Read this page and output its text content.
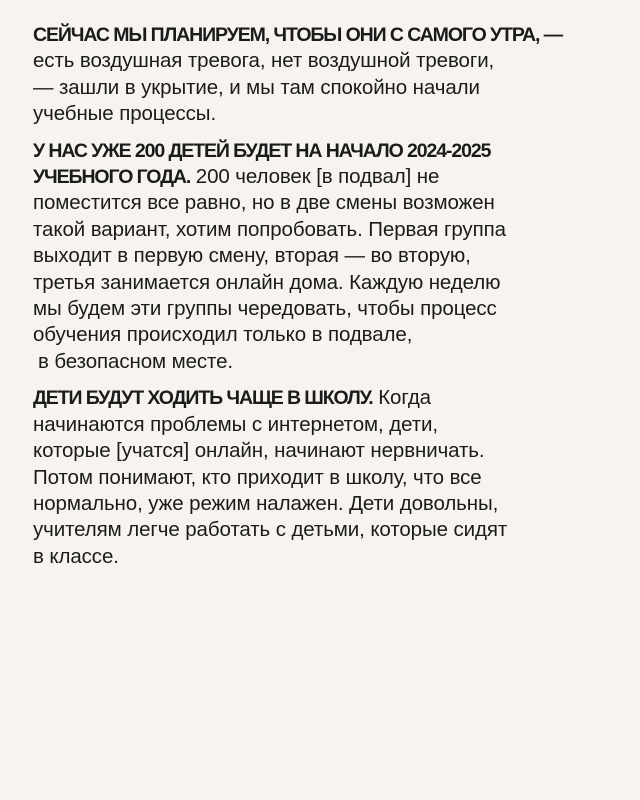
СЕЙЧАС МЫ ПЛАНИРУЕМ, ЧТОБЫ ОНИ С САМОГО УТРА, —
есть воздушная тревога, нет воздушной тревоги,
— зашли в укрытие, и мы там спокойно начали
учебные процессы.

У НАС УЖЕ 200 ДЕТЕЙ БУДЕТ НА НАЧАЛО 2024-2025
УЧЕБНОГО ГОДА. 200 человек [в подвал] не
поместится все равно, но в две смены возможен
такой вариант, хотим попробовать. Первая группа
выходит в первую смену, вторая — во вторую,
третья занимается онлайн дома. Каждую неделю
мы будем эти группы чередовать, чтобы процесс
обучения происходил только в подвале,
в безопасном месте.

ДЕТИ БУДУТ ХОДИТЬ ЧАЩЕ В ШКОЛУ. Когда
начинаются проблемы с интернетом, дети,
которые [учатся] онлайн, начинают нервничать.
Потом понимают, кто приходит в школу, что все
нормально, уже режим налажен. Дети довольны,
учителям легче работать с детьми, которые сидят
в классе.
